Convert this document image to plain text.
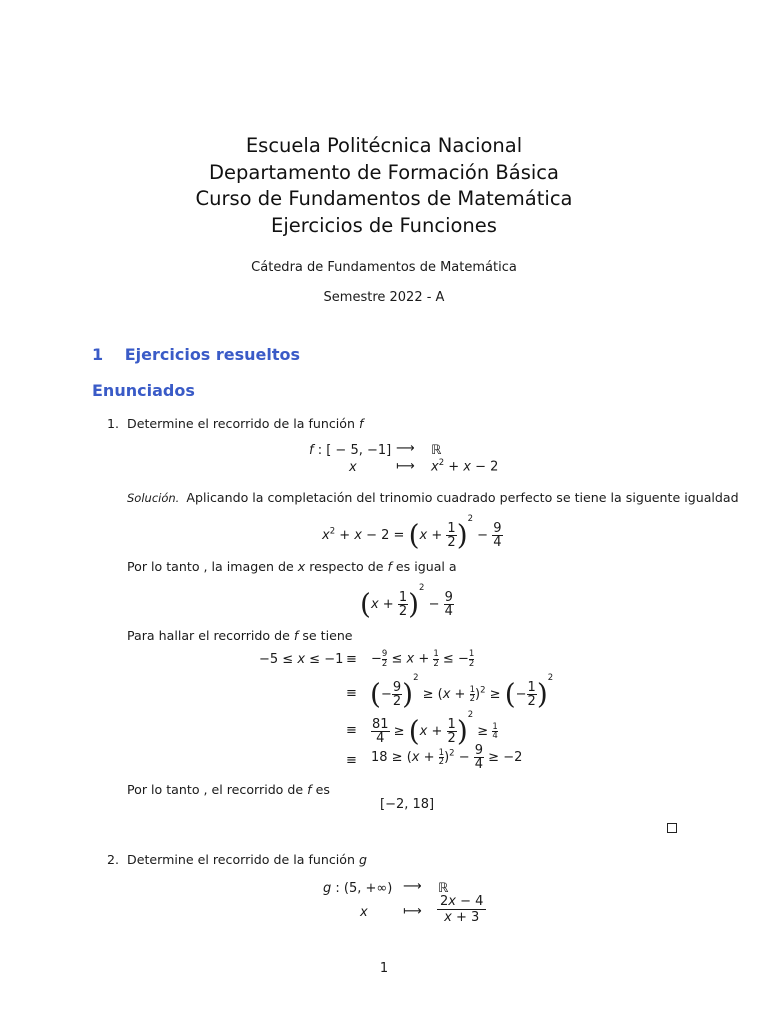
Escuela Politécnica Nacional
Departamento de Formación Básica
Curso de Fundamentos de Matemática
Ejercicios de Funciones
Cátedra de Fundamentos de Matemática
Semestre 2022 - A
1 Ejercicios resueltos
Enunciados
1. Determine el recorrido de la función f
f : [ − 5, −1] ⟶ ℝ
x	⟼ $x^2 + x - 2$
Solución. Aplicando la completación del trinomio cuadrado perfecto se tiene la siguente igualdad
$x^2 + x - 2 = (x + \frac{1}{2} )^2 - \frac{9}{4}$
Por lo tanto , la imagen de x respecto de f es igual a
$(x + \frac{1}{2} )^2 - \frac{9}{4}$
Para hallar el recorrido de f se tiene
−5 ≤ x ≤ −1 ≡ − $\frac{9}{2} \le x + \frac{1}{2}$ ≤ − $\frac{1}{2}$
≡ (− $\frac{9}{2} )^2 \ge (x + \frac{1}{2} )^2$ ≥ (− $\frac{1}{2} )^2$
≡ $\frac{81}{4} \ge (x + \frac{1}{2} )^2 \ge \frac{1}{4}$
≡ $18 \ge (x + \frac{1}{2} )^2 - \frac{9}{4} \ge -2$
Por lo tanto , el recorrido de f es
[−2, 18]
2. Determine el recorrido de la función g
g : (5, +∞) ⟶ ℝ
x	⟼ $\frac{2x - 4}{x + 3}$
1
